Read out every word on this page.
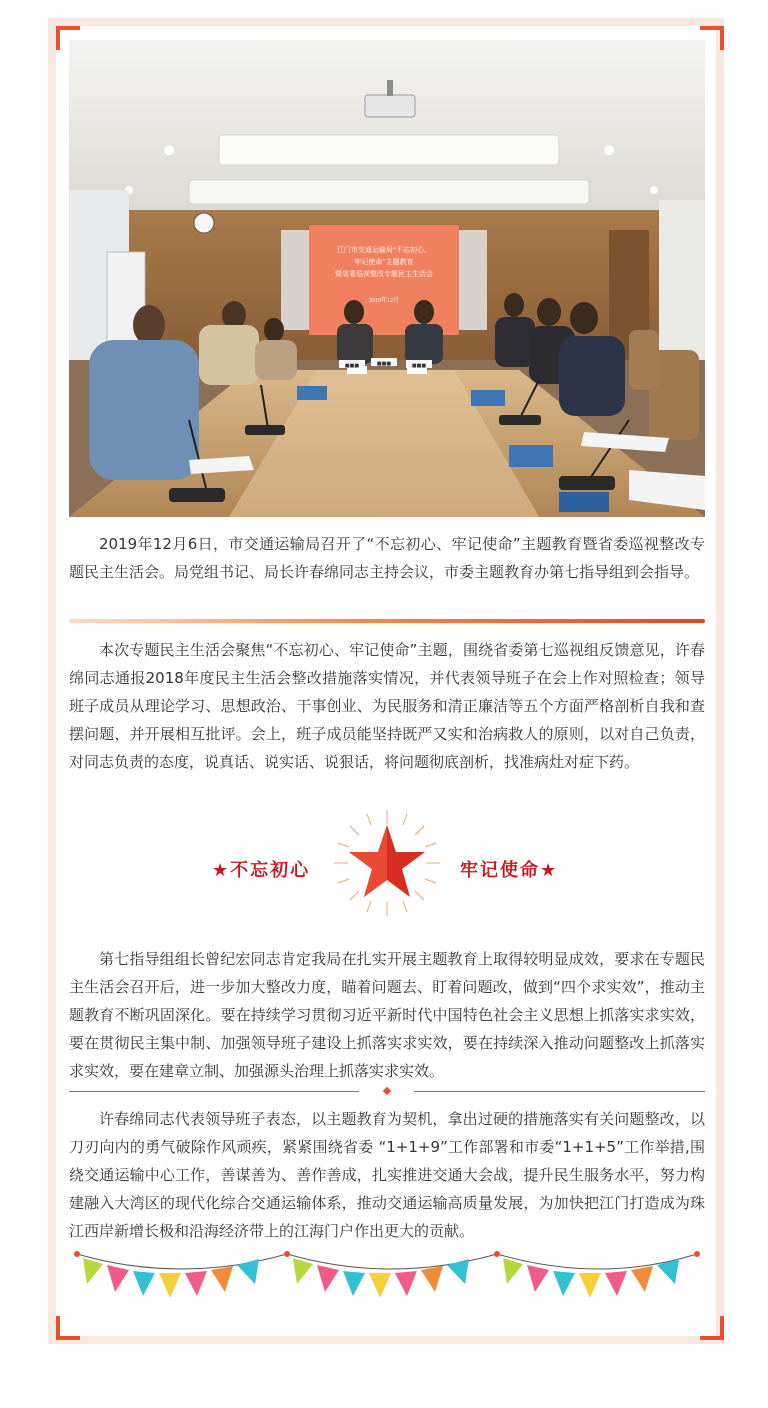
江门市交通运输局“不忘初心、
牢记使命”主题教育
暨省委巡视整改专题民主生活会
2019年12月
■■■	■■■
■■■

2019年12月6日，市交通运输局召开了“不忘初心、牢记使命”主题教育暨省委巡视整改专题民主生活会。局党组书记、局长许春绵同志主持会议，市委主题教育办第七指导组到会指导。

本次专题民主生活会聚焦“不忘初心、牢记使命”主题，围绕省委第七巡视组反馈意见，许春绵同志通报2018年度民主生活会整改措施落实情况，并代表领导班子在会上作对照检查；领导班子成员从理论学习、思想政治、干事创业、为民服务和清正廉洁等五个方面严格剖析自我和查摆问题，并开展相互批评。会上，班子成员能坚持既严又实和治病救人的原则，以对自己负责，对同志负责的态度，说真话、说实话、说狠话，将问题彻底剖析，找准病灶对症下药。

★不忘初心	牢记使命★

第七指导组组长曾纪宏同志肯定我局在扎实开展主题教育上取得较明显成效，要求在专题民主生活会召开后，进一步加大整改力度，瞄着问题去、盯着问题改，做到“四个求实效”，推动主题教育不断巩固深化。要在持续学习贯彻习近平新时代中国特色社会主义思想上抓落实求实效，要在贯彻民主集中制、加强领导班子建设上抓落实求实效，要在持续深入推动问题整改上抓落实求实效，要在建章立制、加强源头治理上抓落实求实效。

许春绵同志代表领导班子表态，以主题教育为契机，拿出过硬的措施落实有关问题整改，以刀刃向内的勇气破除作风顽疾，紧紧围绕省委 “1+1+9”工作部署和市委“1+1+5”工作举措,围绕交通运输中心工作，善谋善为、善作善成，扎实推进交通大会战，提升民生服务水平，努力构建融入大湾区的现代化综合交通运输体系，推动交通运输高质量发展，为加快把江门打造成为珠江西岸新增长极和沿海经济带上的江海门户作出更大的贡献。
